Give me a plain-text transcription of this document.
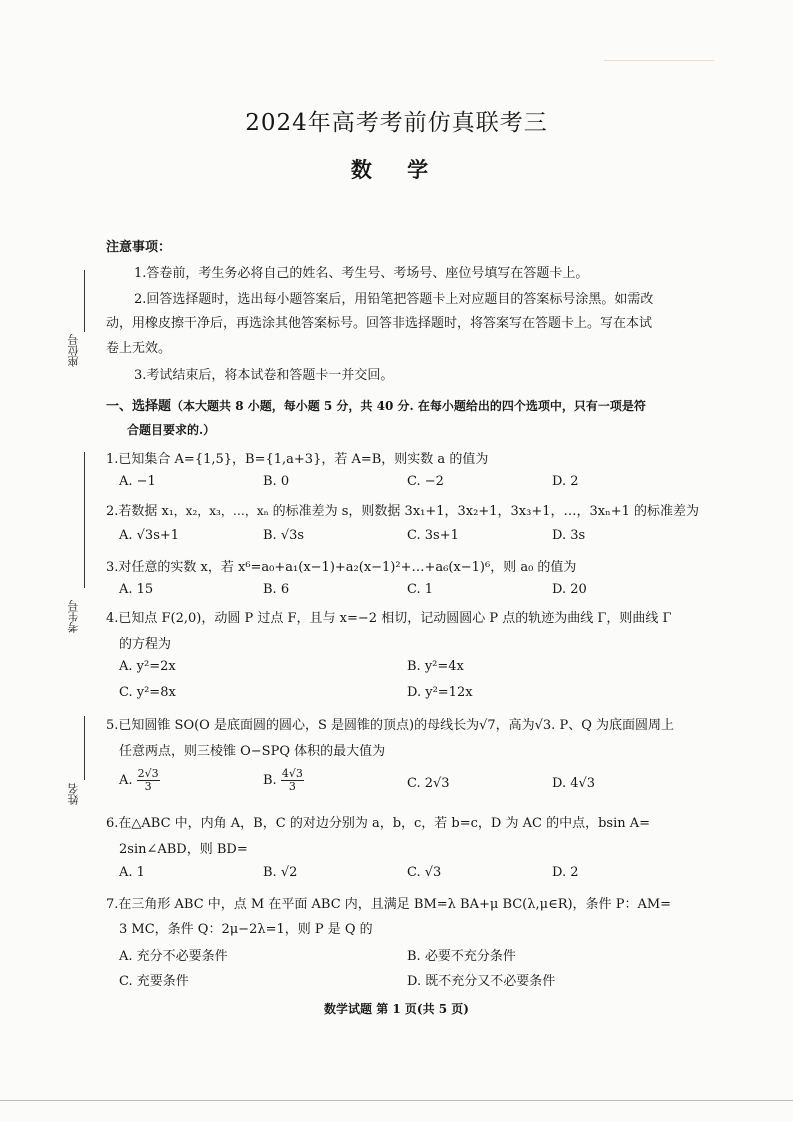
座位号
考生号
姓名
2024年高考考前仿真联考三
数 学
注意事项：
1.答卷前，考生务必将自己的姓名、考生号、考场号、座位号填写在答题卡上。
2.回答选择题时，选出每小题答案后，用铅笔把答题卡上对应题目的答案标号涂黑。如需改
动，用橡皮擦干净后，再选涂其他答案标号。回答非选择题时，将答案写在答题卡上。写在本试
卷上无效。
3.考试结束后，将本试卷和答题卡一并交回。
一、选择题（本大题共 8 小题，每小题 5 分，共 40 分. 在每小题给出的四个选项中，只有一项是符
合题目要求的.）
1.已知集合 A={1,5}，B={1,a+3}，若 A=B，则实数 a 的值为
A. −1	B. 0	C. −2	D. 2
2.若数据 x₁，x₂，x₃，…，xₙ 的标准差为 s，则数据 3x₁+1，3x₂+1，3x₃+1，…，3xₙ+1 的标准差为
A. √3s+1	B. √3s	C. 3s+1	D. 3s
3.对任意的实数 x，若 x⁶=a₀+a₁(x−1)+a₂(x−1)²+…+a₆(x−1)⁶，则 a₀ 的值为
A. 15	B. 6	C. 1	D. 20
4.已知点 F(2,0)，动圆 P 过点 F，且与 x=−2 相切，记动圆圆心 P 点的轨迹为曲线 Γ，则曲线 Γ
的方程为
A. y²=2x	B. y²=4x
C. y²=8x	D. y²=12x
5.已知圆锥 SO(O 是底面圆的圆心，S 是圆锥的顶点)的母线长为√7，高为√3. P、Q 为底面圆周上
任意两点，则三棱锥 O−SPQ 体积的最大值为
A. $\frac{2√3}{3}$	B. $\frac{4√3}{3}$	C. 2√3	D. 4√3
6.在△ABC 中，内角 A，B，C 的对边分别为 a，b，c，若 b=c，D 为 AC 的中点，bsin A=
2sin∠ABD，则 BD=
A. 1	B. √2	C. √3	D. 2
7.在三角形 ABC 中，点 M 在平面 ABC 内，且满足 BM=λ BA+μ BC(λ,μ∈R)，条件 P：AM=
3 MC，条件 Q：2μ−2λ=1，则 P 是 Q 的
A. 充分不必要条件	B. 必要不充分条件
C. 充要条件	D. 既不充分又不必要条件
数学试题 第 1 页(共 5 页)
